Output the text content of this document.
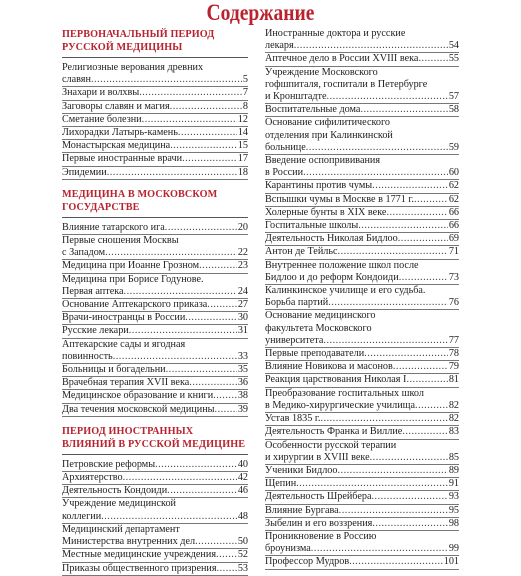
Содержание
ПЕРВОНАЧАЛЬНЫЙ ПЕРИОД РУССКОЙ МЕДИЦИНЫ
Религиозные верования древних
славян .....	5
Знахари и волхвы .....	7
Заговоры славян и магия .....	8
Сметание болезни .....	12
Лихорадки Латырь-камень .....	14
Монастырская медицина .....	15
Первые иностранные врачи .....	17
Эпидемии .....	18
МЕДИЦИНА В МОСКОВСКОМ ГОСУДАРСТВЕ
Влияние татарского ига .....	20
Первые сношения Москвы
с Западом .....	22
Медицина при Иоанне Грозном .....	23
Медицина при Борисе Годунове.
Первая аптека .....	24
Основание Аптекарского приказа .....	27
Врачи-иностранцы в России .....	30
Русские лекари .....	31
Аптекарские сады и ягодная
повинность .....	33
Больницы и богадельни .....	35
Врачебная терапия XVII века .....	36
Медицинское образование и книги ..... 38
Два течения московской медицины ..... 39
ПЕРИОД ИНОСТРАННЫХ ВЛИЯНИЙ В РУССКОЙ МЕДИЦИНЕ
Петровские реформы .....	40
Архиятерство .....	42
Деятельность Кондоиди .....	46
Учреждение медицинской
коллегии .....	48
Медицинский департамент
Министерства внутренних дел .....	50
Местные медицинские учреждения ..... 52
Приказы общественного призрения ..... 53
Иностранные доктора и русские
лекаря .....	54
Аптечное дело в России XVIII века .....	55
Учреждение Московского
гофшпиталя, госпитали в Петербурге
и Кронштадте .....	57
Воспитательные дома .....	58
Основание сифилитического
отделения при Калинкинской
больнице .....	59
Введение оспопрививания
в России .....	60
Карантины против чумы .....	62
Вспышки чумы в Москве в 1771 г. .....	62
Холерные бунты в XIX веке .....	66
Госпитальные школы .....	66
Деятельность Николая Бидлоо .....	69
Антон де Тейльс .....	71
Внутреннее положение школ после
Бидлоо и до реформ Кондоиди .....	73
Калинкинское училище и его судьба.
Борьба партий .....	76
Основание медицинского
факультета Московского
университета .....	77
Первые преподаватели .....	78
Влияние Новикова и масонов .....	79
Реакция царствования Николая I .....	81
Преобразование госпитальных школ
в Медико-хирургические училища .....	82
Устав 1835 г. .....	82
Деятельность Франка и Виллие .....	83
Особенности русской терапии
и хирургии в XVIII веке .....	85
Ученики Бидлоо .....	89
Щепин .....	91
Деятельность Шрейбера .....	93
Влияние Бургава .....	95
Зыбелин и его воззрения .....	98
Проникновение в Россию
броунизма .....	99
Профессор Мудров .....	101
